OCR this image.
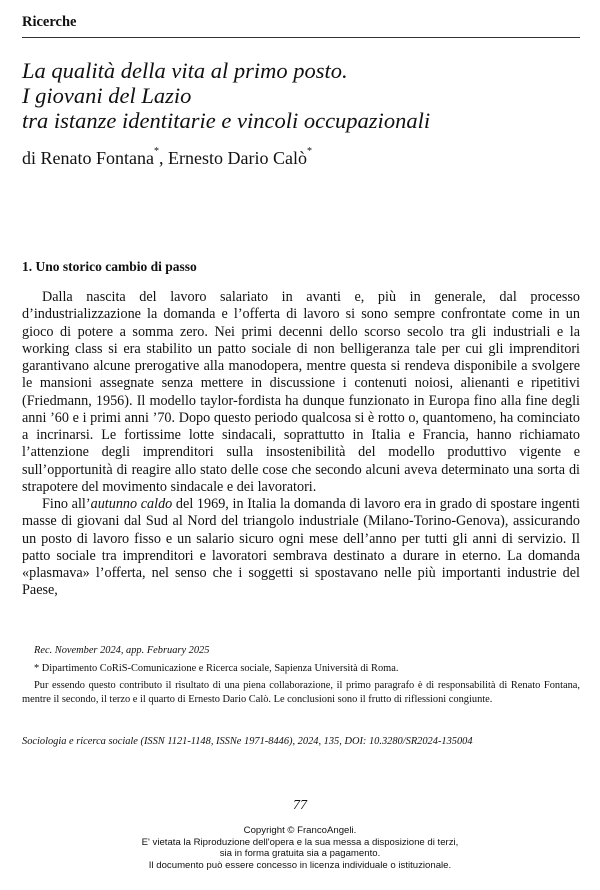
Ricerche
La qualità della vita al primo posto.
I giovani del Lazio
tra istanze identitarie e vincoli occupazionali
di Renato Fontana*, Ernesto Dario Calò*
1. Uno storico cambio di passo

Dalla nascita del lavoro salariato in avanti e, più in generale, dal processo d’industrializzazione la domanda e l’offerta di lavoro si sono sempre confrontate come in un gioco di potere a somma zero. Nei primi decenni dello scorso secolo tra gli industriali e la working class si era stabilito un patto sociale di non belligeranza tale per cui gli imprenditori garantivano alcune prerogative alla manodopera, mentre questa si rendeva disponibile a svolgere le mansioni assegnate senza mettere in discussione i contenuti noiosi, alienanti e ripetitivi (Friedmann, 1956). Il modello taylor-fordista ha dunque funzionato in Europa fino alla fine degli anni ’60 e i primi anni ’70. Dopo questo periodo qualcosa si è rotto o, quantomeno, ha cominciato a incrinarsi. Le fortissime lotte sindacali, soprattutto in Italia e Francia, hanno richiamato l’attenzione degli imprenditori sulla insostenibilità del modello produttivo vigente e sull’opportunità di reagire allo stato delle cose che secondo alcuni aveva determinato una sorta di strapotere del movimento sindacale e dei lavoratori.

Fino all’autunno caldo del 1969, in Italia la domanda di lavoro era in grado di spostare ingenti masse di giovani dal Sud al Nord del triangolo industriale (Milano-Torino-Genova), assicurando un posto di lavoro fisso e un salario sicuro ogni mese dell’anno per tutti gli anni di servizio. Il patto sociale tra imprenditori e lavoratori sembrava destinato a durare in eterno. La domanda «plasmava» l’offerta, nel senso che i soggetti si spostavano nelle più importanti industrie del Paese,

Rec. November 2024, app. February 2025
* Dipartimento CoRiS-Comunicazione e Ricerca sociale, Sapienza Università di Roma.
Pur essendo questo contributo il risultato di una piena collaborazione, il primo paragrafo è di responsabilità di Renato Fontana, mentre il secondo, il terzo e il quarto di Ernesto Dario Calò. Le conclusioni sono il frutto di riflessioni congiunte.
Sociologia e ricerca sociale (ISSN 1121-1148, ISSNe 1971-8446), 2024, 135, DOI: 10.3280/SR2024-135004
77
Copyright © FrancoAngeli.
E' vietata la Riproduzione dell'opera e la sua messa a disposizione di terzi,
sia in forma gratuita sia a pagamento.
Il documento può essere concesso in licenza individuale o istituzionale.
